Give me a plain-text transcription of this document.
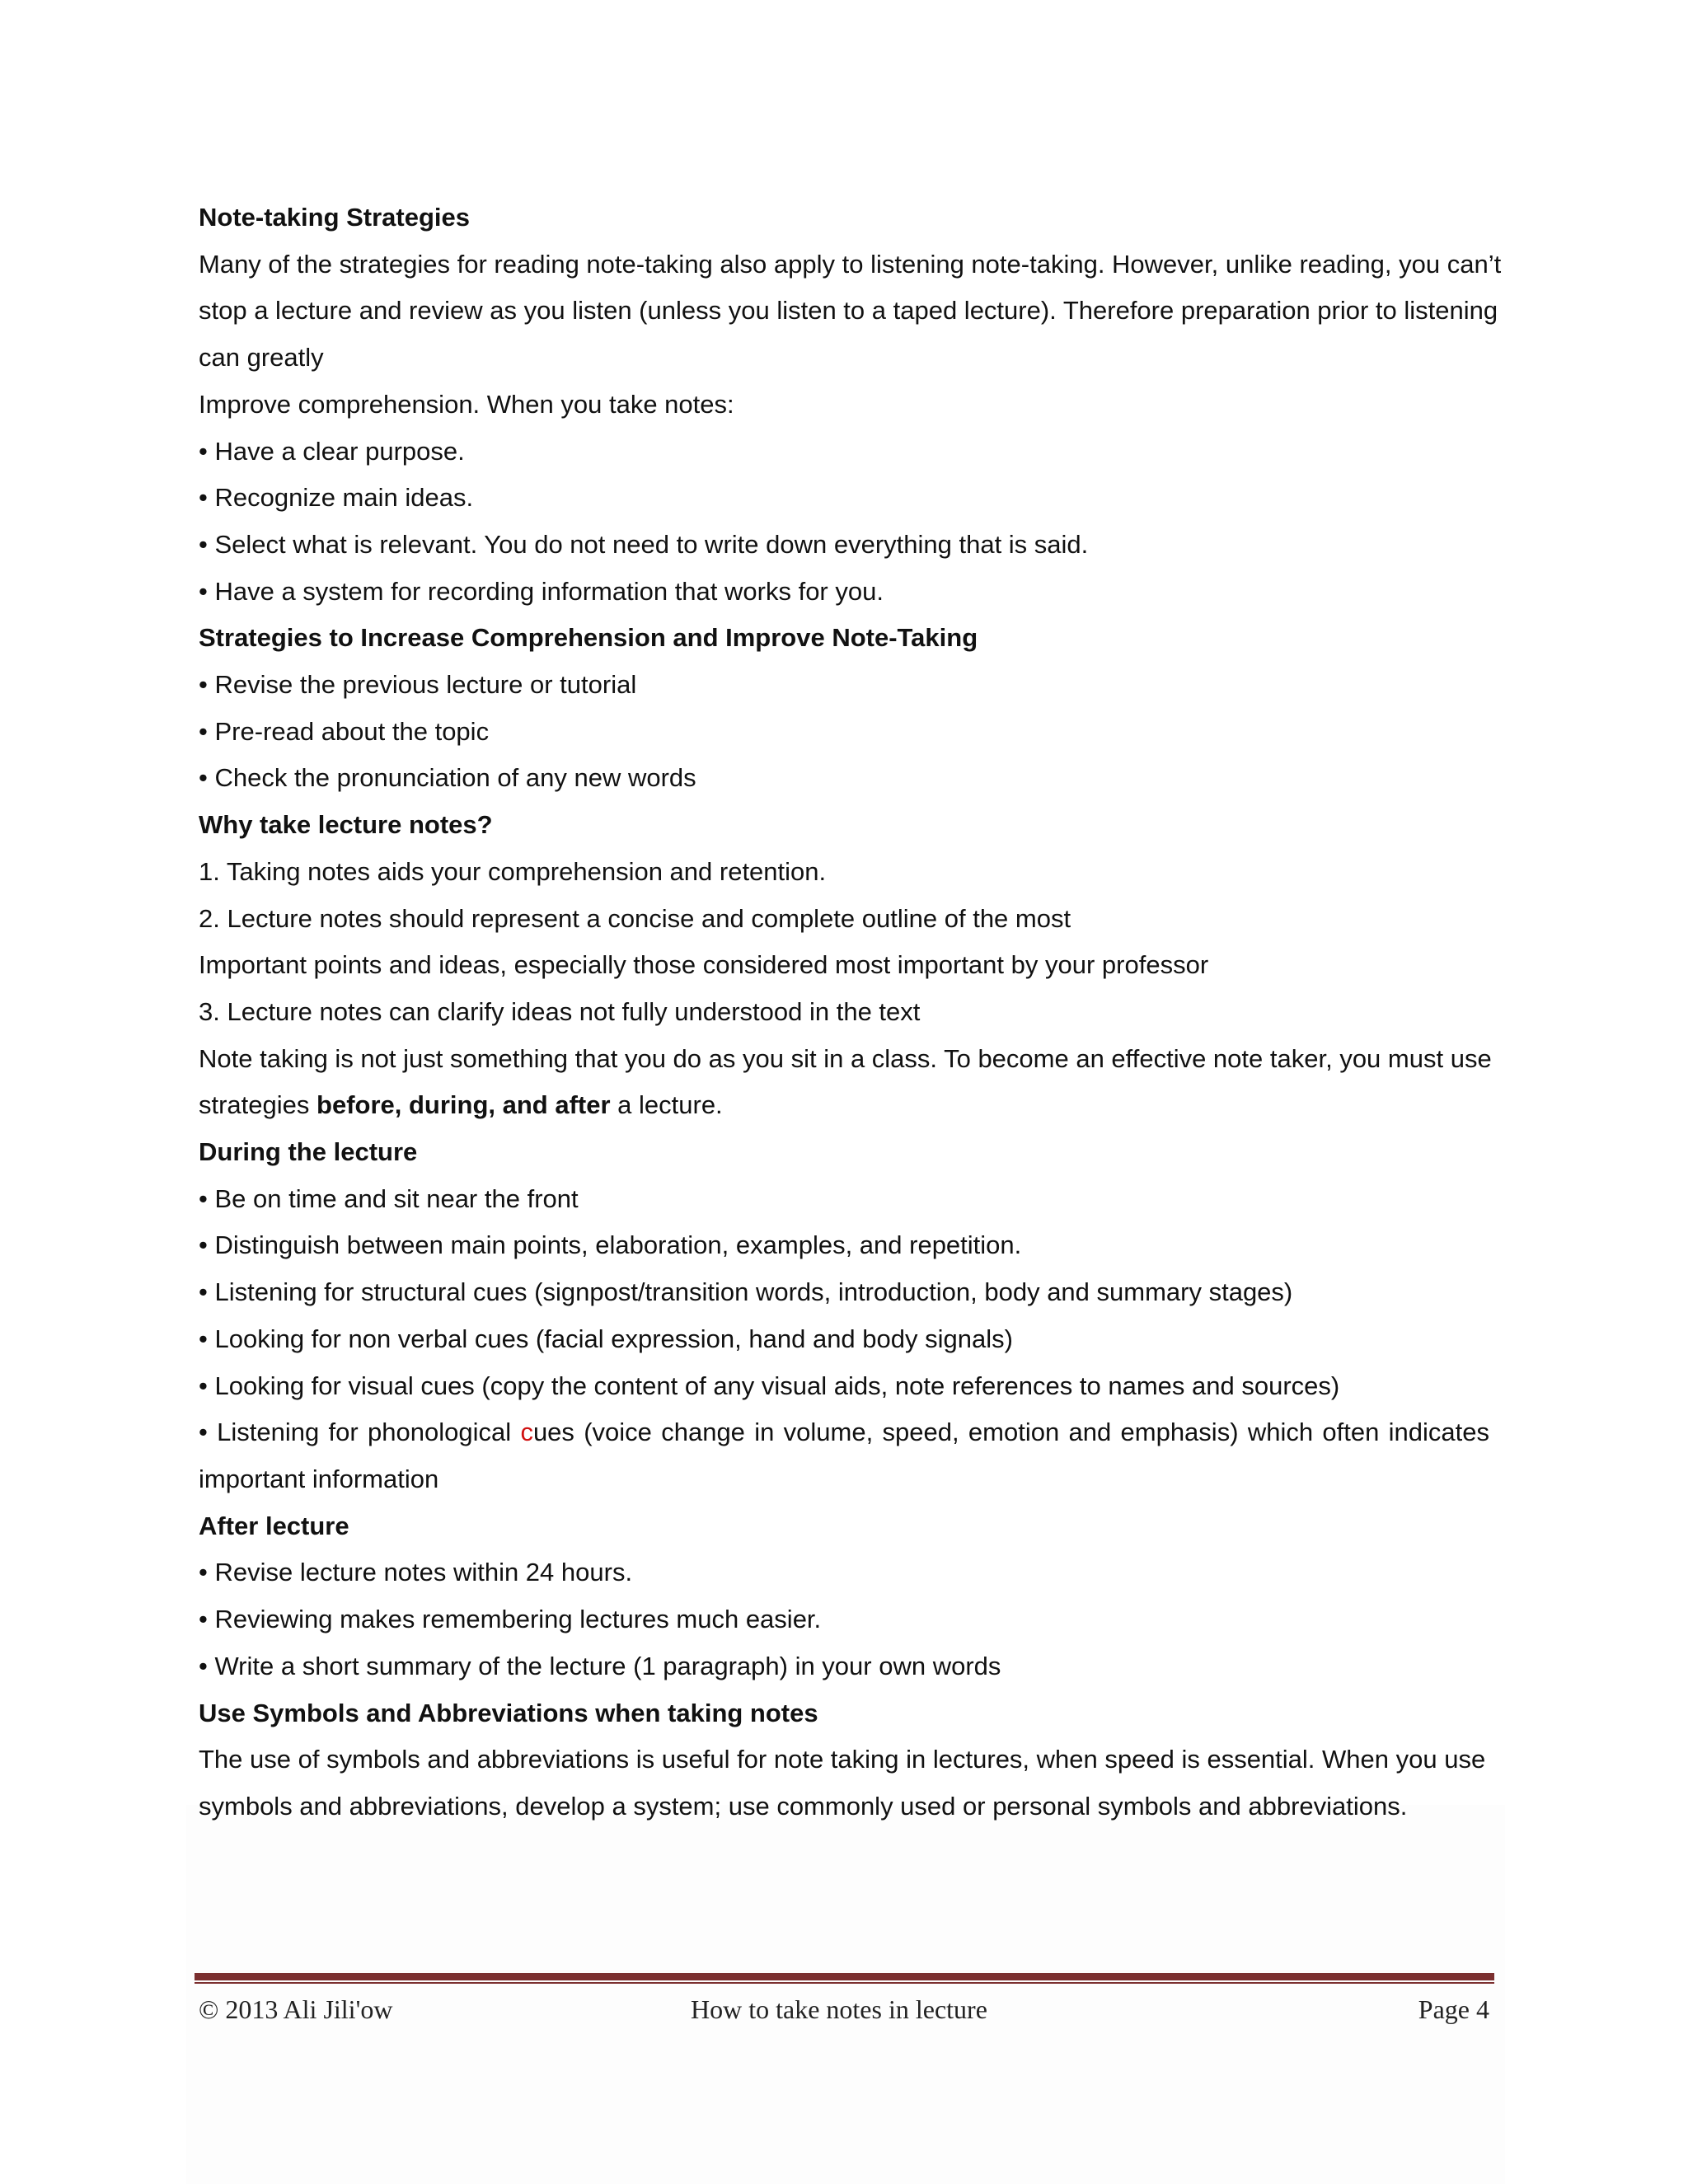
Note-taking Strategies
Many of the strategies for reading note-taking also apply to listening note-taking. However, unlike reading, you can’t
stop a lecture and review as you listen (unless you listen to a taped lecture). Therefore preparation prior to listening
can greatly
Improve comprehension. When you take notes:
• Have a clear purpose.
• Recognize main ideas.
• Select what is relevant. You do not need to write down everything that is said.
• Have a system for recording information that works for you.
Strategies to Increase Comprehension and Improve Note-Taking
• Revise the previous lecture or tutorial
• Pre-read about the topic
• Check the pronunciation of any new words
Why take lecture notes?
1. Taking notes aids your comprehension and retention.
2. Lecture notes should represent a concise and complete outline of the most
Important points and ideas, especially those considered most important by your professor
3. Lecture notes can clarify ideas not fully understood in the text
Note taking is not just something that you do as you sit in a class. To become an effective note taker, you must use
strategies before, during, and after a lecture.
During the lecture
• Be on time and sit near the front
• Distinguish between main points, elaboration, examples, and repetition.
• Listening for structural cues (signpost/transition words, introduction, body and summary stages)
• Looking for non verbal cues (facial expression, hand and body signals)
• Looking for visual cues (copy the content of any visual aids, note references to names and sources)
• Listening for phonological cues (voice change in volume, speed, emotion and emphasis) which often indicates
important information
After lecture
• Revise lecture notes within 24 hours.
• Reviewing makes remembering lectures much easier.
• Write a short summary of the lecture (1 paragraph) in your own words
Use Symbols and Abbreviations when taking notes
The use of symbols and abbreviations is useful for note taking in lectures, when speed is essential. When you use
symbols and abbreviations, develop a system; use commonly used or personal symbols and abbreviations.
© 2013 Ali Jili'ow	How to take notes in lecture	Page 4
